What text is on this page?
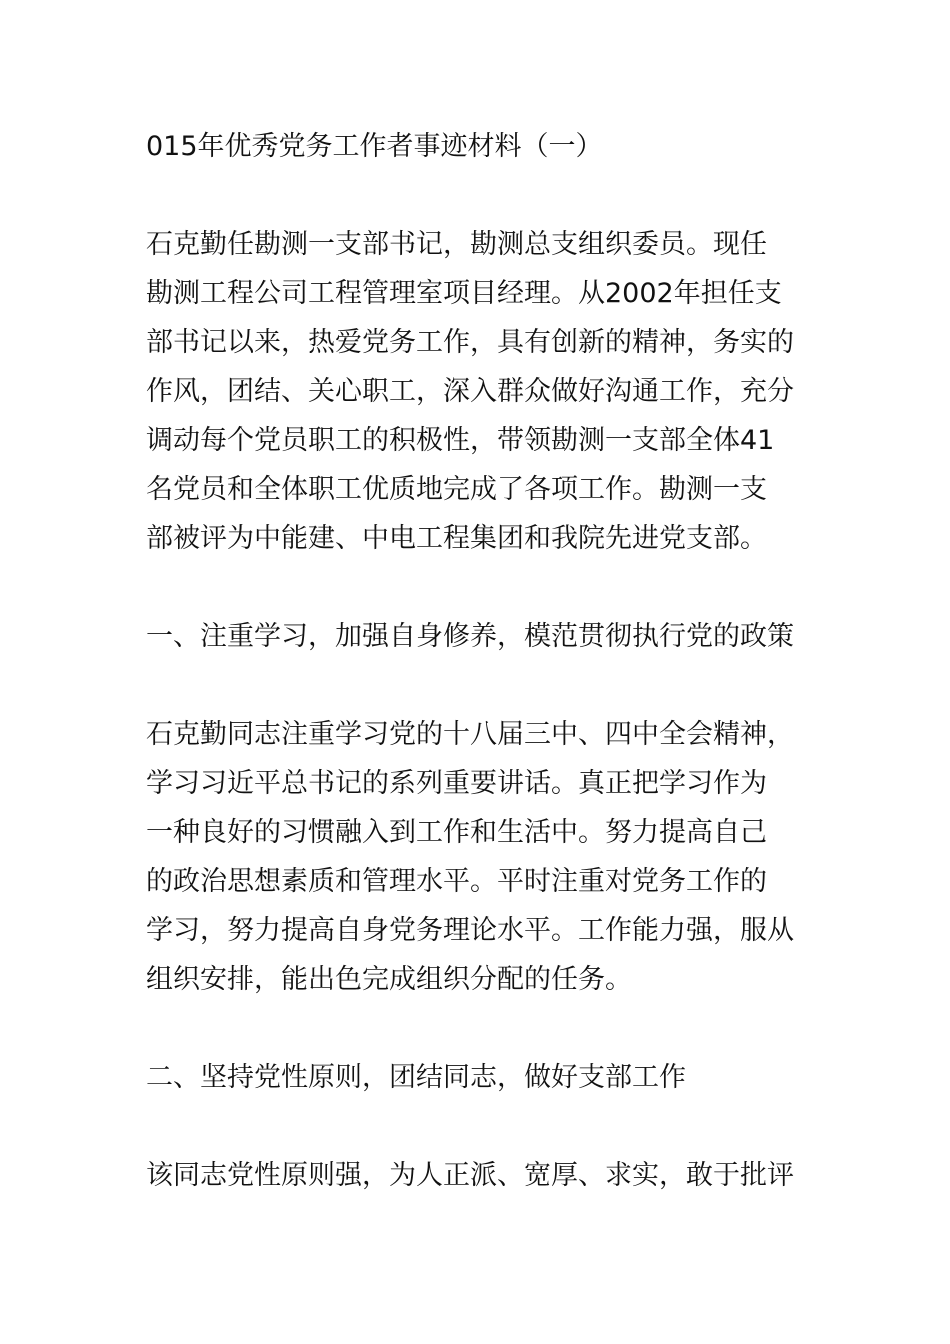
015年优秀党务工作者事迹材料（一）
石克勤任勘测一支部书记，勘测总支组织委员。现任
勘测工程公司工程管理室项目经理。从2002年担任支
部书记以来，热爱党务工作，具有创新的精神，务实的
作风，团结、关心职工，深入群众做好沟通工作，充分
调动每个党员职工的积极性，带领勘测一支部全体41
名党员和全体职工优质地完成了各项工作。勘测一支
部被评为中能建、中电工程集团和我院先进党支部。
一、注重学习，加强自身修养，模范贯彻执行党的政策
石克勤同志注重学习党的十八届三中、四中全会精神，
学习习近平总书记的系列重要讲话。真正把学习作为
一种良好的习惯融入到工作和生活中。努力提高自己
的政治思想素质和管理水平。平时注重对党务工作的
学习，努力提高自身党务理论水平。工作能力强，服从
组织安排，能出色完成组织分配的任务。
二、坚持党性原则，团结同志，做好支部工作
该同志党性原则强，为人正派、宽厚、求实，敢于批评
